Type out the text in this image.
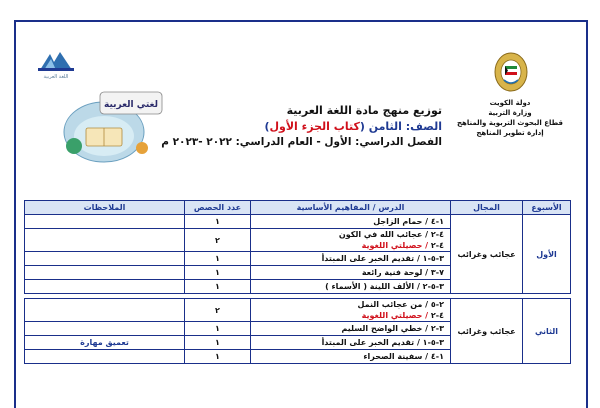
اللغة العربية
لغتي العربية	دولة الكويت
وزارة التربية
قطاع البحوث التربوية والمناهج
إدارة تطوير المناهج
توزيع منهج مادة اللغة العربية
الصف: الثامن (كتاب الجزء الأول)
الفصل الدراسي: الأول - العام الدراسي: ٢٠٢٢ -٢٠٢٣ م
الأسبوع	المجال	الدرس / المفاهيم الأساسية	عدد الحصص	الملاحظات
الأول	عجائب وغرائب	١-٤ / حمام الزاجل	١	

		٤-٢ / عجائب الله في الكون
٤-٢ / حصيلتي اللغوية	٢	

		٣-٥-١ / تقديم الخبر على المبتدأ	١	

		٧-٣ / لوحة فنية رائعة	١	

		٣-٥-٢ / الألف اللينة ( الأسماء )	١	

الثاني	عجائب وغرائب	٢-٥ / من عجائب النمل
٤-٢ / حصيلتي اللغوية	٢	

		٣-٢ / خطي الواضح السليم	١	

		٣-٥-١ / تقديم الخبر على المبتدأ	١	تعميق مهارة

		١-٤ / سفينة الصحراء	١	
